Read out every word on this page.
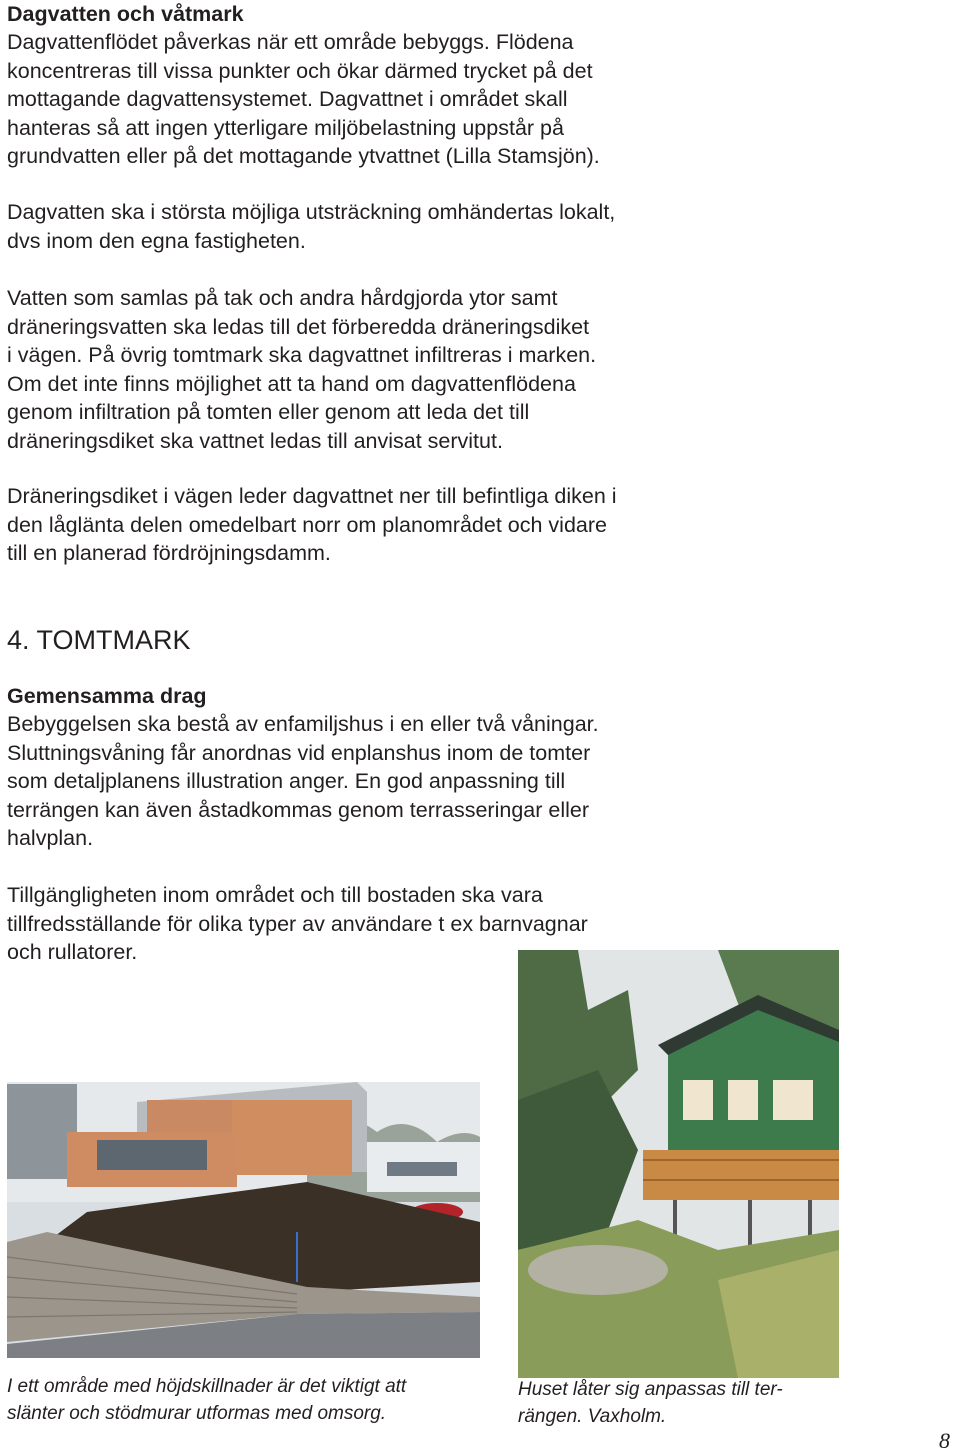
Dagvatten och våtmark

Dagvattenflödet påverkas när ett område bebyggs. Flödena
koncentreras till vissa punkter och ökar därmed trycket på det
mottagande dagvattensystemet. Dagvattnet i området skall
hanteras så att ingen ytterligare miljöbelastning uppstår på
grundvatten eller på det mottagande ytvattnet (Lilla Stamsjön).

Dagvatten ska i största möjliga utsträckning omhändertas lokalt,
dvs inom den egna fastigheten.

Vatten som samlas på tak och andra hårdgjorda ytor samt
dräneringsvatten ska ledas till det förberedda dräneringsdiket
i vägen. På övrig tomtmark ska dagvattnet infiltreras i marken.
Om det inte finns möjlighet att ta hand om dagvattenflödena
genom infiltration på tomten eller genom att leda det till
dräneringsdiket ska vattnet ledas till anvisat servitut.

Dräneringsdiket i vägen leder dagvattnet ner till befintliga diken i
den låglänta delen omedelbart norr om planområdet och vidare
till en planerad fördröjningsdamm.

4. TOMTMARK
Gemensamma drag

Bebyggelsen ska bestå av enfamiljshus i en eller två våningar.
Sluttningsvåning får anordnas vid enplanshus inom de tomter
som detaljplanens illustration anger. En god anpassning till
terrängen kan även åstadkommas genom terrasseringar eller
halvplan.

Tillgängligheten inom området och till bostaden ska vara
tillfredsställande för olika typer av användare t ex barnvagnar
och rullatorer.

I ett område med höjdskillnader är det viktigt att
slänter och stödmurar utformas med omsorg.

Huset låter sig anpassas till ter-
rängen. Vaxholm.

8
